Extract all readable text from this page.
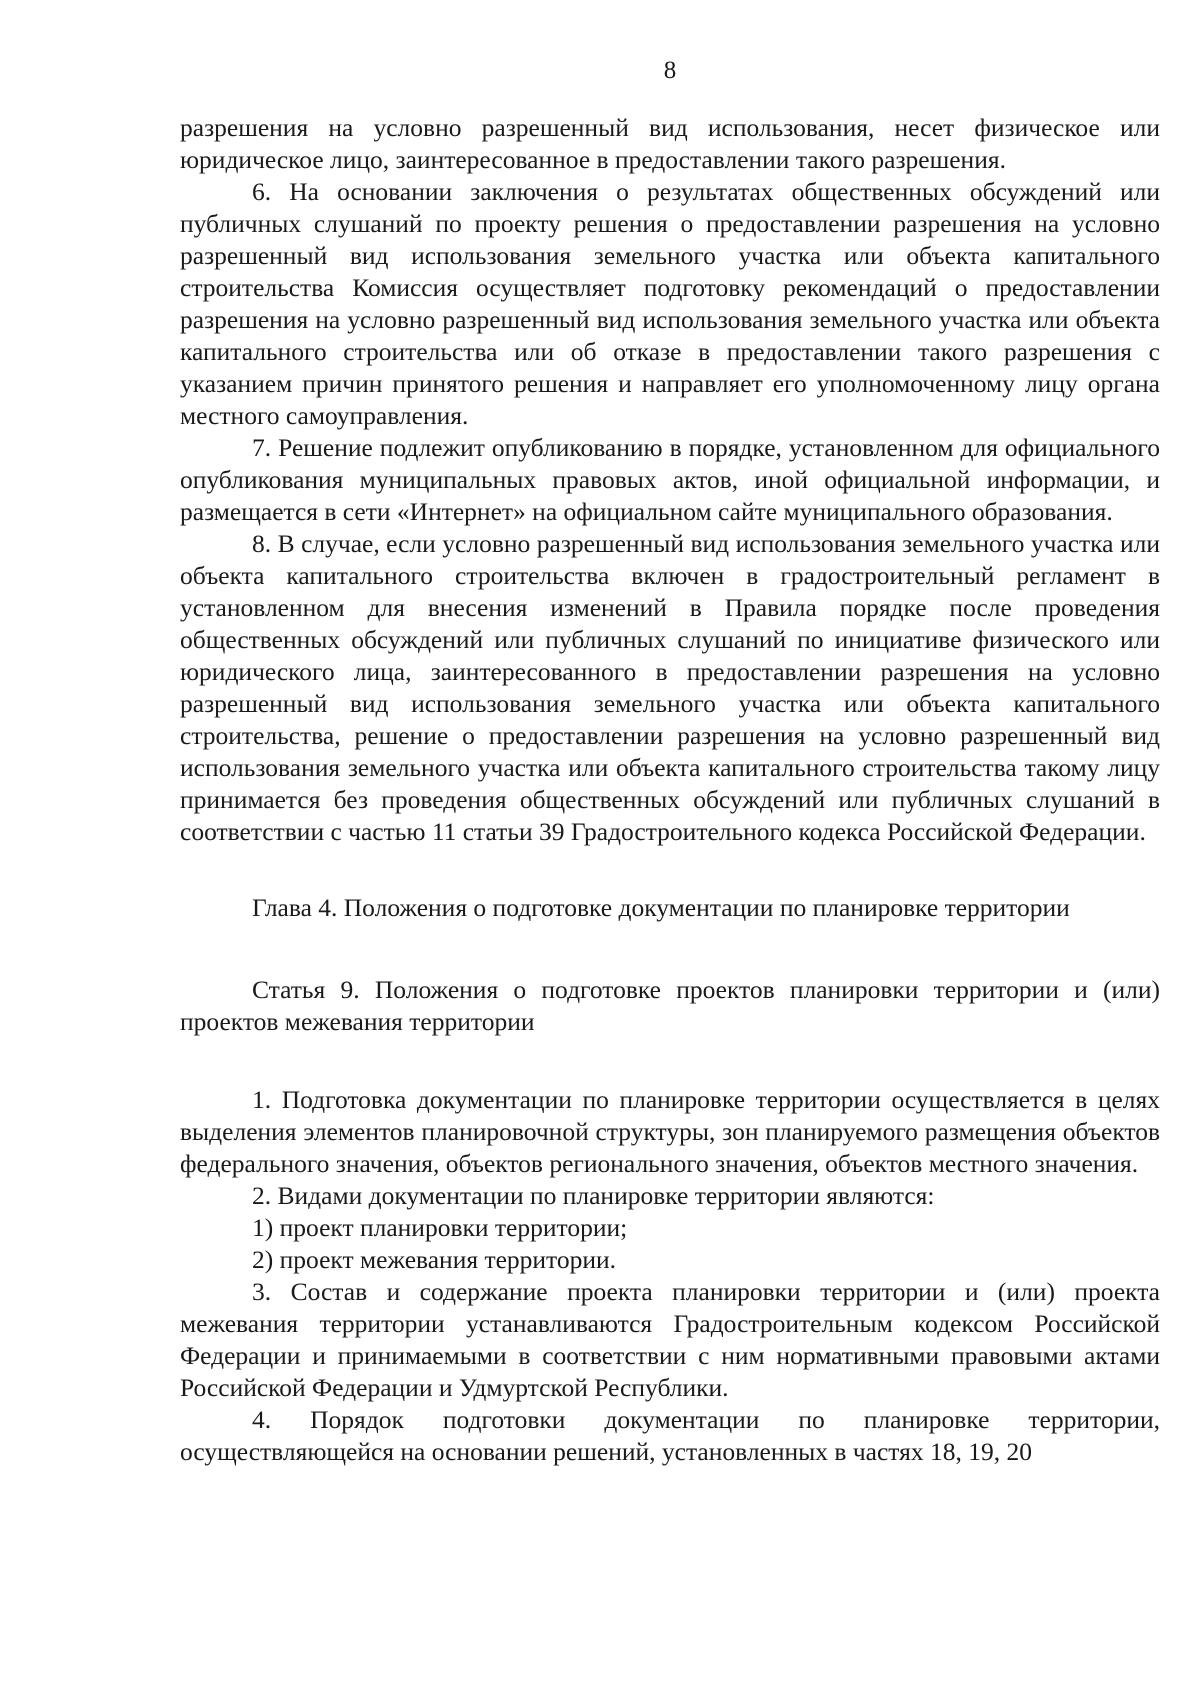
8

разрешения на условно разрешенный вид использования, несет физическое или юридическое лицо, заинтересованное в предоставлении такого разрешения.

6. На основании заключения о результатах общественных обсуждений или публичных слушаний по проекту решения о предоставлении разрешения на условно разрешенный вид использования земельного участка или объекта капитального строительства Комиссия осуществляет подготовку рекомендаций о предоставлении разрешения на условно разрешенный вид использования земельного участка или объекта капитального строительства или об отказе в предоставлении такого разрешения с указанием причин принятого решения и направляет его уполномоченному лицу органа местного самоуправления.

7. Решение подлежит опубликованию в порядке, установленном для официального опубликования муниципальных правовых актов, иной официальной информации, и размещается в сети «Интернет» на официальном сайте муниципального образования.

8. В случае, если условно разрешенный вид использования земельного участка или объекта капитального строительства включен в градостроительный регламент в установленном для внесения изменений в Правила порядке после проведения общественных обсуждений или публичных слушаний по инициативе физического или юридического лица, заинтересованного в предоставлении разрешения на условно разрешенный вид использования земельного участка или объекта капитального строительства, решение о предоставлении разрешения на условно разрешенный вид использования земельного участка или объекта капитального строительства такому лицу принимается без проведения общественных обсуждений или публичных слушаний в соответствии с частью 11 статьи 39 Градостроительного кодекса Российской Федерации.

Глава 4. Положения о подготовке документации по планировке территории

Статья 9. Положения о подготовке проектов планировки территории и (или) проектов межевания территории

1. Подготовка документации по планировке территории осуществляется в целях выделения элементов планировочной структуры, зон планируемого размещения объектов федерального значения, объектов регионального значения, объектов местного значения.

2. Видами документации по планировке территории являются:

1) проект планировки территории;

2) проект межевания территории.

3. Состав и содержание проекта планировки территории и (или) проекта межевания территории устанавливаются Градостроительным кодексом Российской Федерации и принимаемыми в соответствии с ним нормативными правовыми актами Российской Федерации и Удмуртской Республики.

4. Порядок подготовки документации по планировке территории, осуществляющейся на основании решений, установленных в частях 18, 19, 20
